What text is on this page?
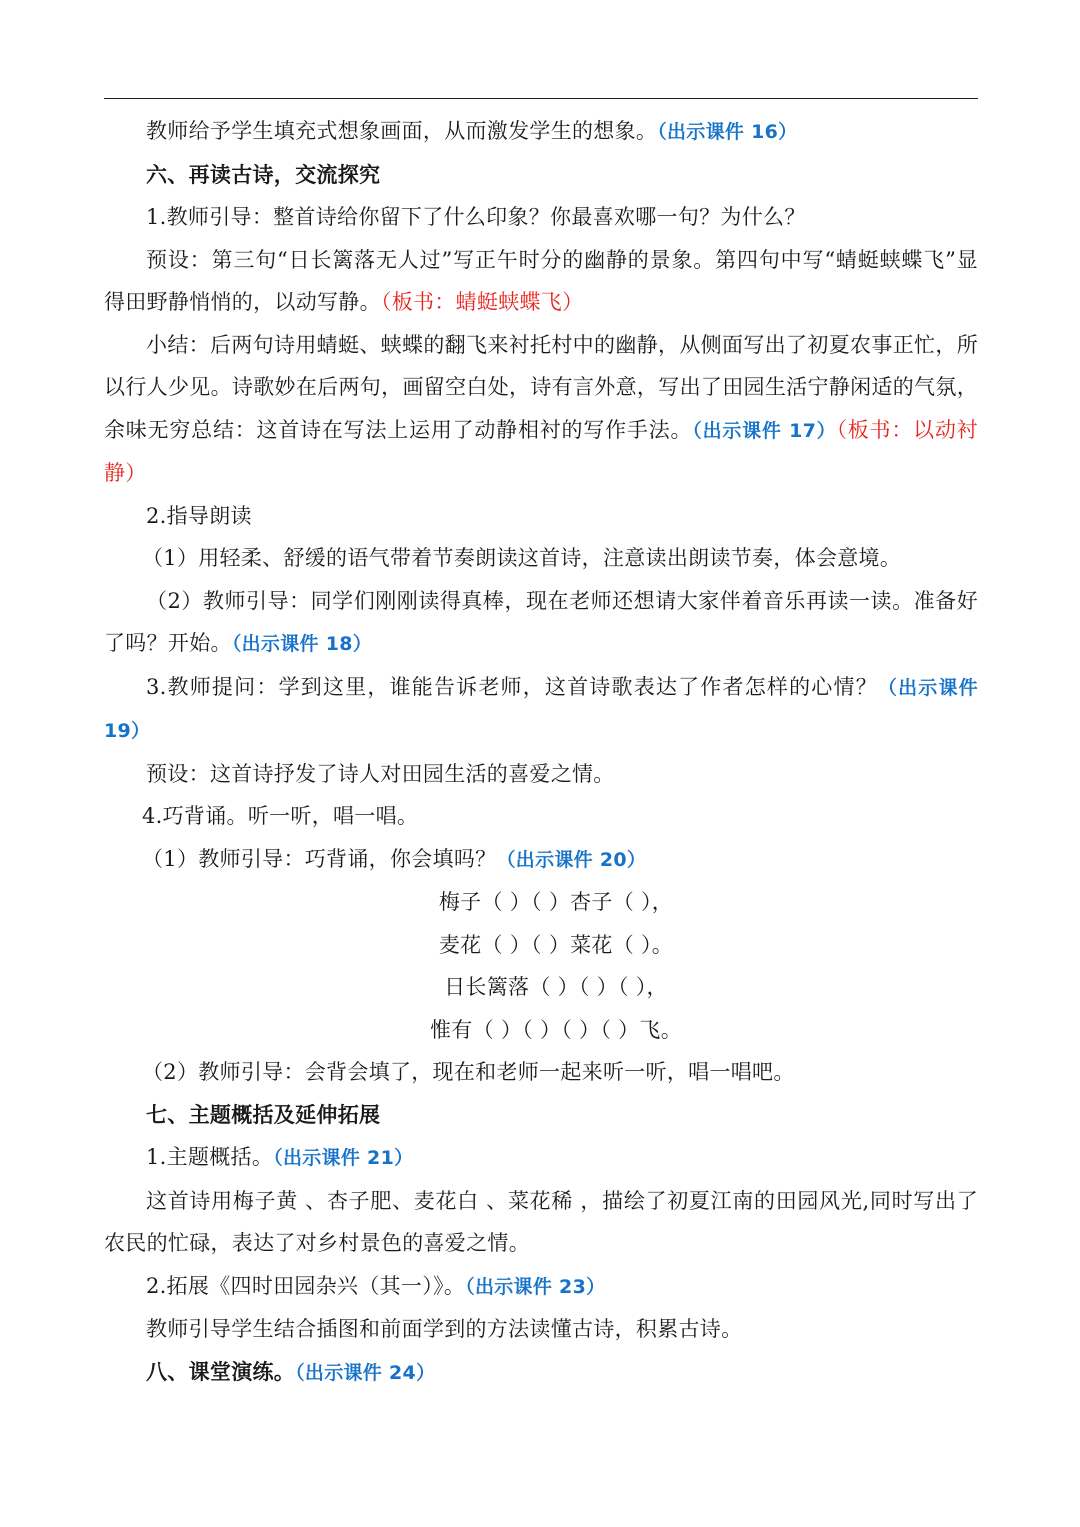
教师给予学生填充式想象画面，从而激发学生的想象。（出示课件 16）

六、再读古诗，交流探究

1.教师引导：整首诗给你留下了什么印象？你最喜欢哪一句？为什么？

预设：第三句“日长篱落无人过”写正午时分的幽静的景象。第四句中写“蜻蜓蛱蝶飞”显得田野静悄悄的，以动写静。（板书：蜻蜓蛱蝶飞）

小结：后两句诗用蜻蜓、蛱蝶的翻飞来衬托村中的幽静，从侧面写出了初夏农事正忙，所以行人少见。诗歌妙在后两句，画留空白处，诗有言外意，写出了田园生活宁静闲适的气氛，余味无穷总结：这首诗在写法上运用了动静相衬的写作手法。（出示课件 17）（板书：以动衬静）

2.指导朗读

（1）用轻柔、舒缓的语气带着节奏朗读这首诗，注意读出朗读节奏，体会意境。

（2）教师引导：同学们刚刚读得真棒，现在老师还想请大家伴着音乐再读一读。准备好了吗？开始。（出示课件 18）

3.教师提问：学到这里，谁能告诉老师，这首诗歌表达了作者怎样的心情？（出示课件 19）

预设：这首诗抒发了诗人对田园生活的喜爱之情。

4.巧背诵。听一听，唱一唱。

（1）教师引导：巧背诵，你会填吗？（出示课件 20）

梅子（ ）（ ）杏子（ ），

麦花（ ）（ ）菜花（ ）。

日长篱落（ ）（ ）（ ），

惟有（ ）（ ）（ ）（ ）飞。

（2）教师引导：会背会填了，现在和老师一起来听一听，唱一唱吧。

七、主题概括及延伸拓展

1.主题概括。（出示课件 21）

这首诗用梅子黄 、杏子肥、麦花白 、菜花稀 ，描绘了初夏江南的田园风光,同时写出了农民的忙碌，表达了对乡村景色的喜爱之情。

2.拓展《四时田园杂兴（其一）》。（出示课件 23）

教师引导学生结合插图和前面学到的方法读懂古诗，积累古诗。

八、课堂演练。（出示课件 24）
